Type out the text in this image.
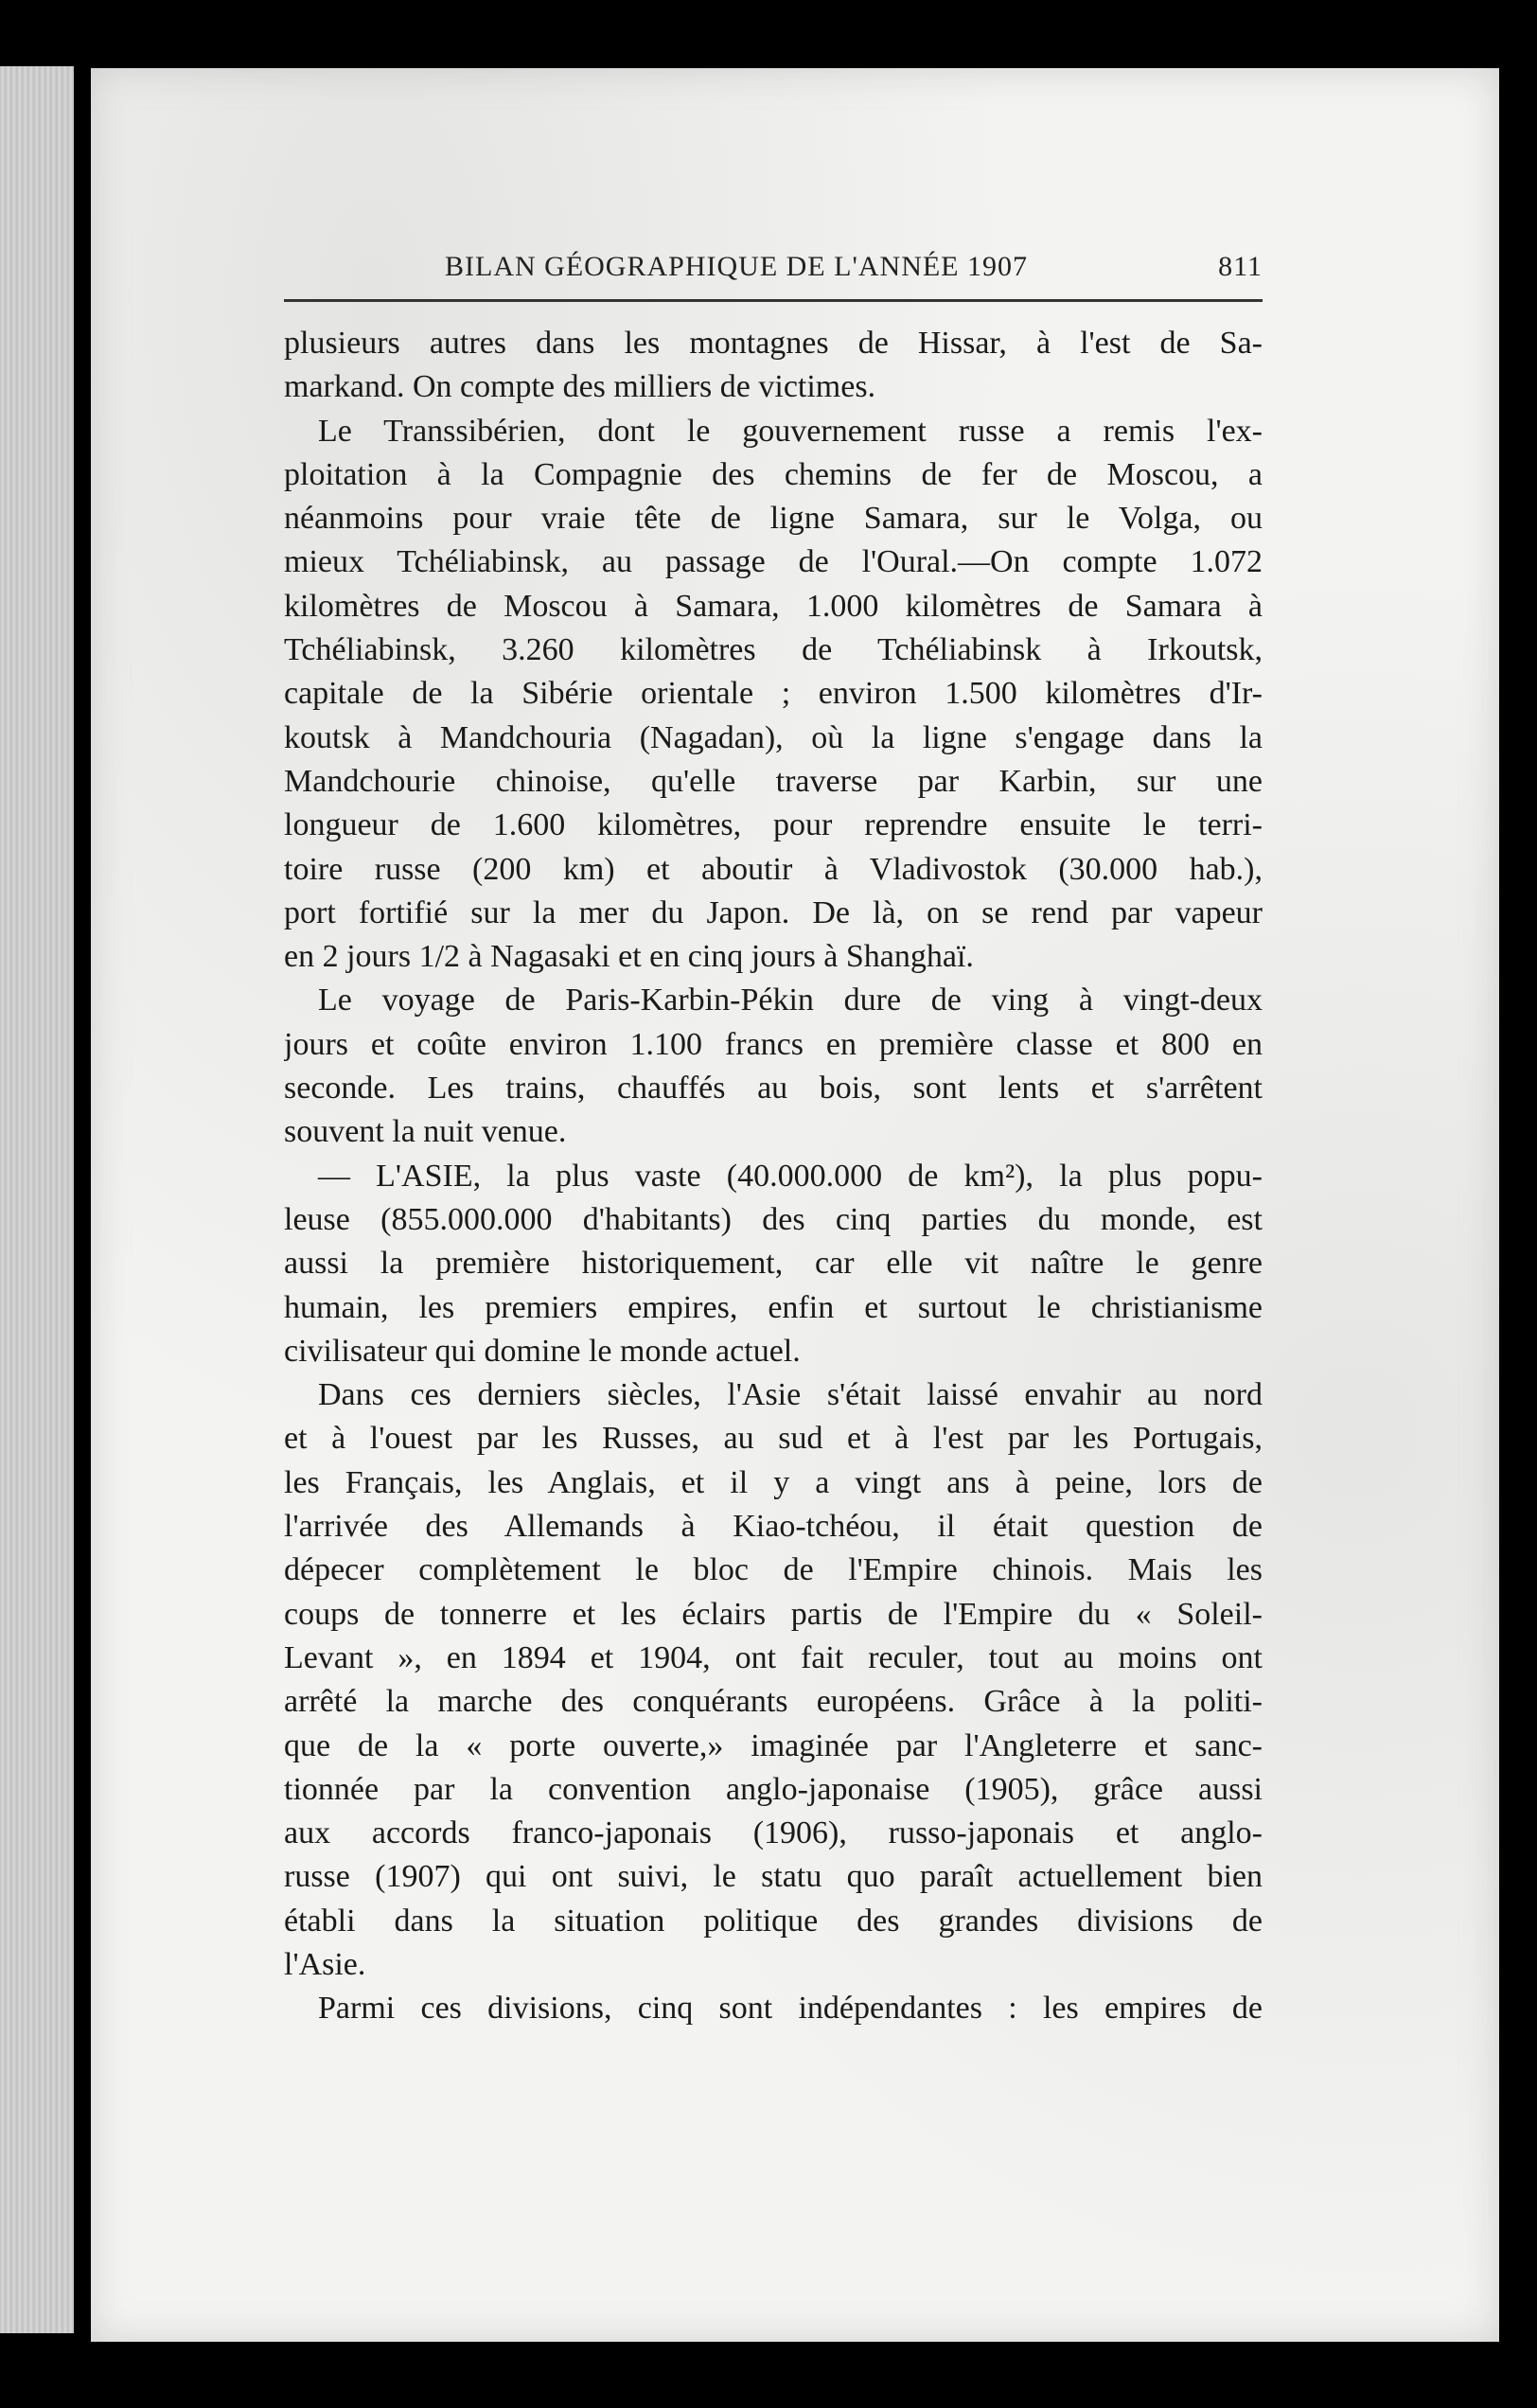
BILAN GÉOGRAPHIQUE DE L'ANNÉE 1907	811
plusieurs autres dans les montagnes de Hissar, à l'est de Sa-
markand. On compte des milliers de victimes.
Le Transsibérien, dont le gouvernement russe a remis l'ex-
ploitation à la Compagnie des chemins de fer de Moscou, a
néanmoins pour vraie tête de ligne Samara, sur le Volga, ou
mieux Tchéliabinsk, au passage de l'Oural.—On compte 1.072
kilomètres de Moscou à Samara, 1.000 kilomètres de Samara à
Tchéliabinsk, 3.260 kilomètres de Tchéliabinsk à Irkoutsk,
capitale de la Sibérie orientale ; environ 1.500 kilomètres d'Ir-
koutsk à Mandchouria (Nagadan), où la ligne s'engage dans la
Mandchourie chinoise, qu'elle traverse par Karbin, sur une
longueur de 1.600 kilomètres, pour reprendre ensuite le terri-
toire russe (200 km) et aboutir à Vladivostok (30.000 hab.),
port fortifié sur la mer du Japon. De là, on se rend par vapeur
en 2 jours 1/2 à Nagasaki et en cinq jours à Shanghaï.
Le voyage de Paris-Karbin-Pékin dure de ving à vingt-deux
jours et coûte environ 1.100 francs en première classe et 800 en
seconde. Les trains, chauffés au bois, sont lents et s'arrêtent
souvent la nuit venue.
— L'ASIE, la plus vaste (40.000.000 de km²), la plus popu-
leuse (855.000.000 d'habitants) des cinq parties du monde, est
aussi la première historiquement, car elle vit naître le genre
humain, les premiers empires, enfin et surtout le christianisme
civilisateur qui domine le monde actuel.
Dans ces derniers siècles, l'Asie s'était laissé envahir au nord
et à l'ouest par les Russes, au sud et à l'est par les Portugais,
les Français, les Anglais, et il y a vingt ans à peine, lors de
l'arrivée des Allemands à Kiao-tchéou, il était question de
dépecer complètement le bloc de l'Empire chinois. Mais les
coups de tonnerre et les éclairs partis de l'Empire du « Soleil-
Levant », en 1894 et 1904, ont fait reculer, tout au moins ont
arrêté la marche des conquérants européens. Grâce à la politi-
que de la « porte ouverte,» imaginée par l'Angleterre et sanc-
tionnée par la convention anglo-japonaise (1905), grâce aussi
aux accords franco-japonais (1906), russo-japonais et anglo-
russe (1907) qui ont suivi, le statu quo paraît actuellement bien
établi dans la situation politique des grandes divisions de
l'Asie.
Parmi ces divisions, cinq sont indépendantes : les empires de
